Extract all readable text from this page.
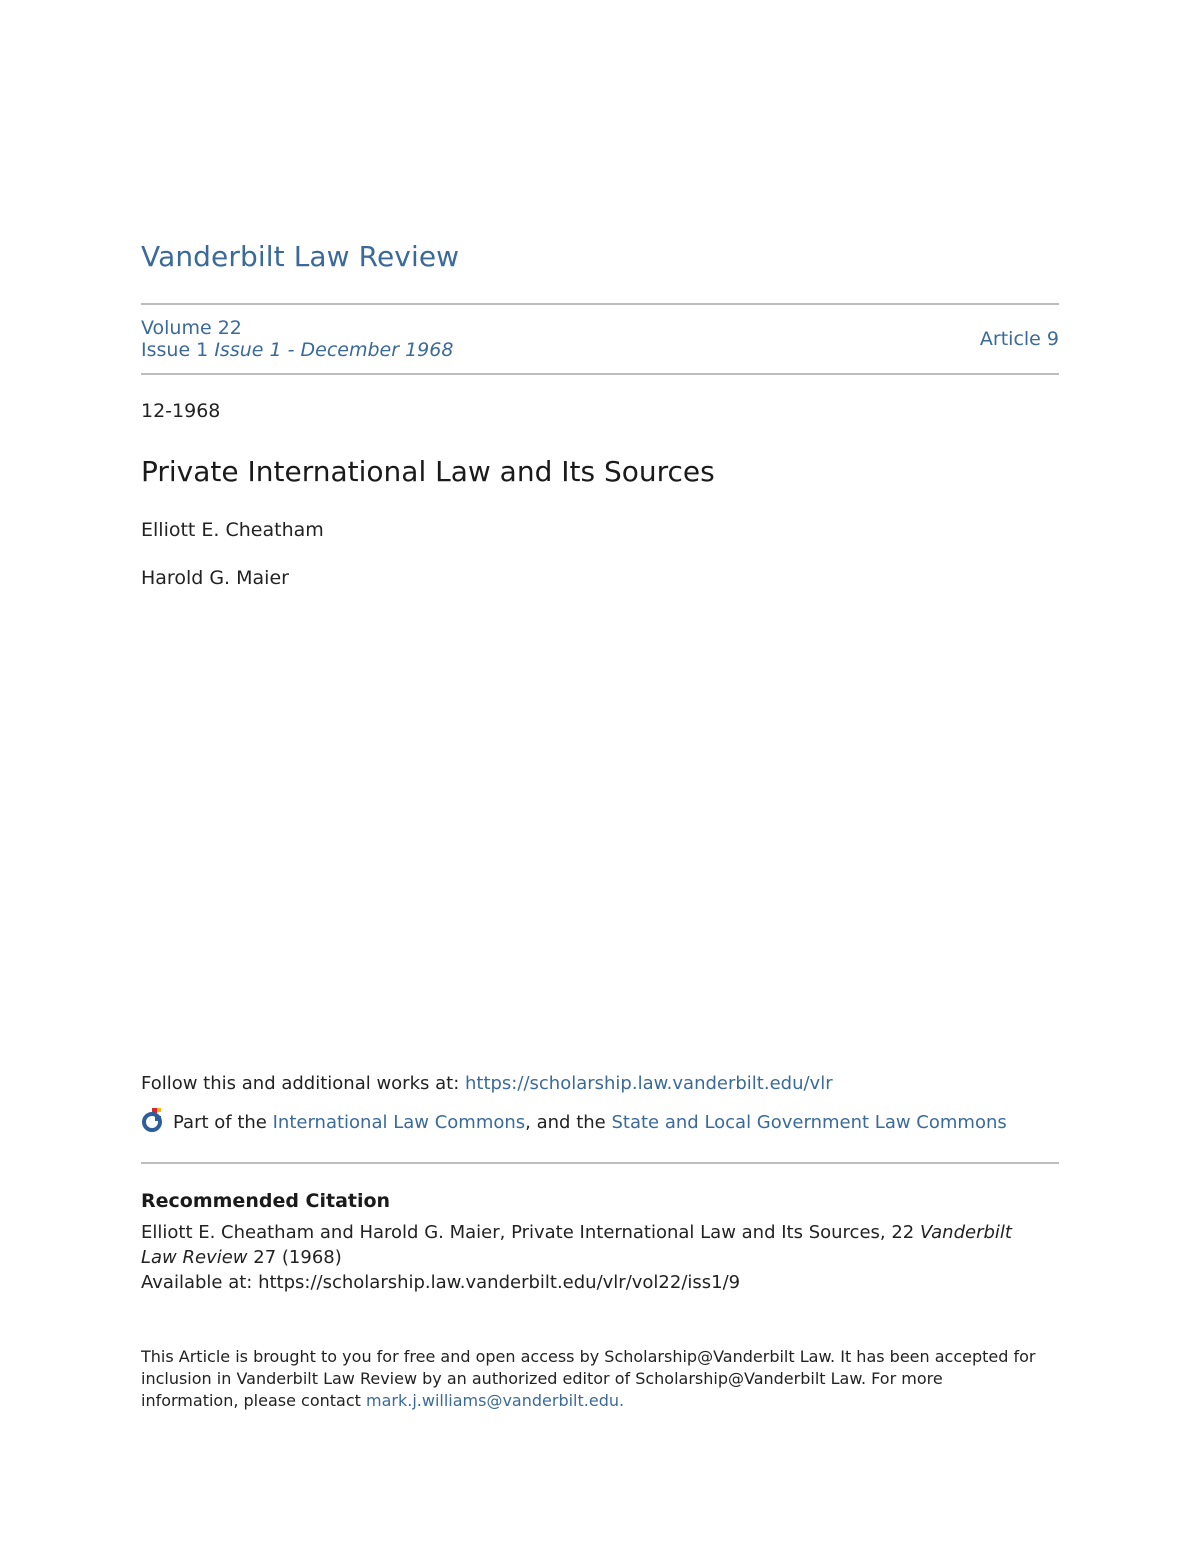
Vanderbilt Law Review
Volume 22
Issue 1 Issue 1 - December 1968	Article 9
12-1968
Private International Law and Its Sources
Elliott E. Cheatham
Harold G. Maier
Follow this and additional works at: https://scholarship.law.vanderbilt.edu/vlr
Part of the
International Law Commons , and the
State and Local Government Law Commons
Recommended Citation
Elliott E. Cheatham and Harold G. Maier, Private International Law and Its Sources, 22 Vanderbilt Law Review 27 (1968)
Available at: https://scholarship.law.vanderbilt.edu/vlr/vol22/iss1/9
This Article is brought to you for free and open access by Scholarship@Vanderbilt Law. It has been accepted for inclusion in Vanderbilt Law Review by an authorized editor of Scholarship@Vanderbilt Law. For more information, please contact mark.j.williams@vanderbilt.edu.
